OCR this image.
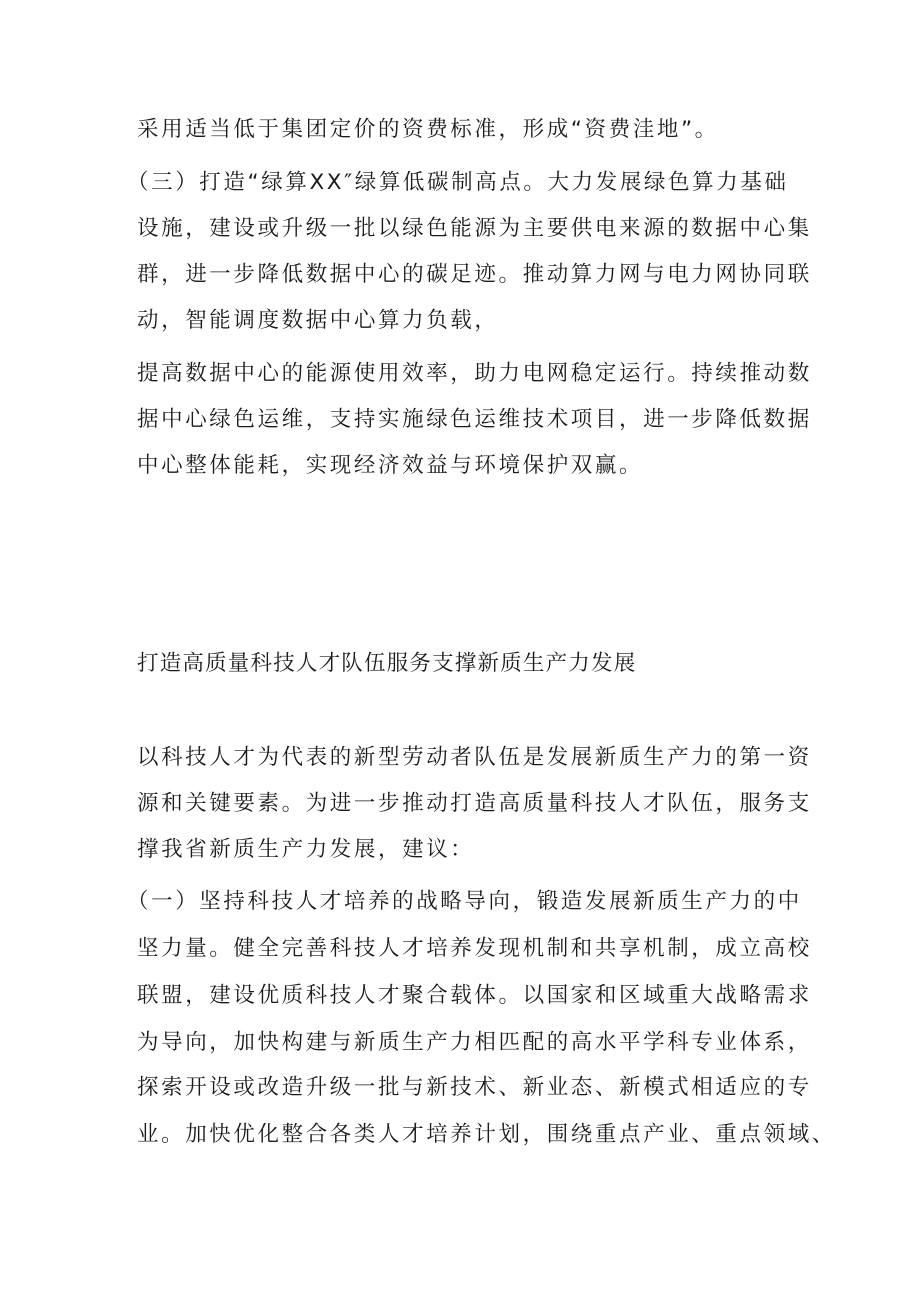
采用适当低于集团定价的资费标准，形成“资费洼地”。
（三）打造“绿算XX″绿算低碳制高点。大力发展绿色算力基础
设施，建设或升级一批以绿色能源为主要供电来源的数据中心集
群，进一步降低数据中心的碳足迹。推动算力网与电力网协同联
动，智能调度数据中心算力负载，
提高数据中心的能源使用效率，助力电网稳定运行。持续推动数
据中心绿色运维，支持实施绿色运维技术项目，进一步降低数据
中心整体能耗，实现经济效益与环境保护双赢。
打造高质量科技人才队伍服务支撑新质生产力发展
以科技人才为代表的新型劳动者队伍是发展新质生产力的第一资
源和关键要素。为进一步推动打造高质量科技人才队伍，服务支
撑我省新质生产力发展，建议：
（一）坚持科技人才培养的战略导向，锻造发展新质生产力的中
坚力量。健全完善科技人才培养发现机制和共享机制，成立高校
联盟，建设优质科技人才聚合载体。以国家和区域重大战略需求
为导向，加快构建与新质生产力相匹配的高水平学科专业体系，
探索开设或改造升级一批与新技术、新业态、新模式相适应的专
业。加快优化整合各类人才培养计划，围绕重点产业、重点领域、
